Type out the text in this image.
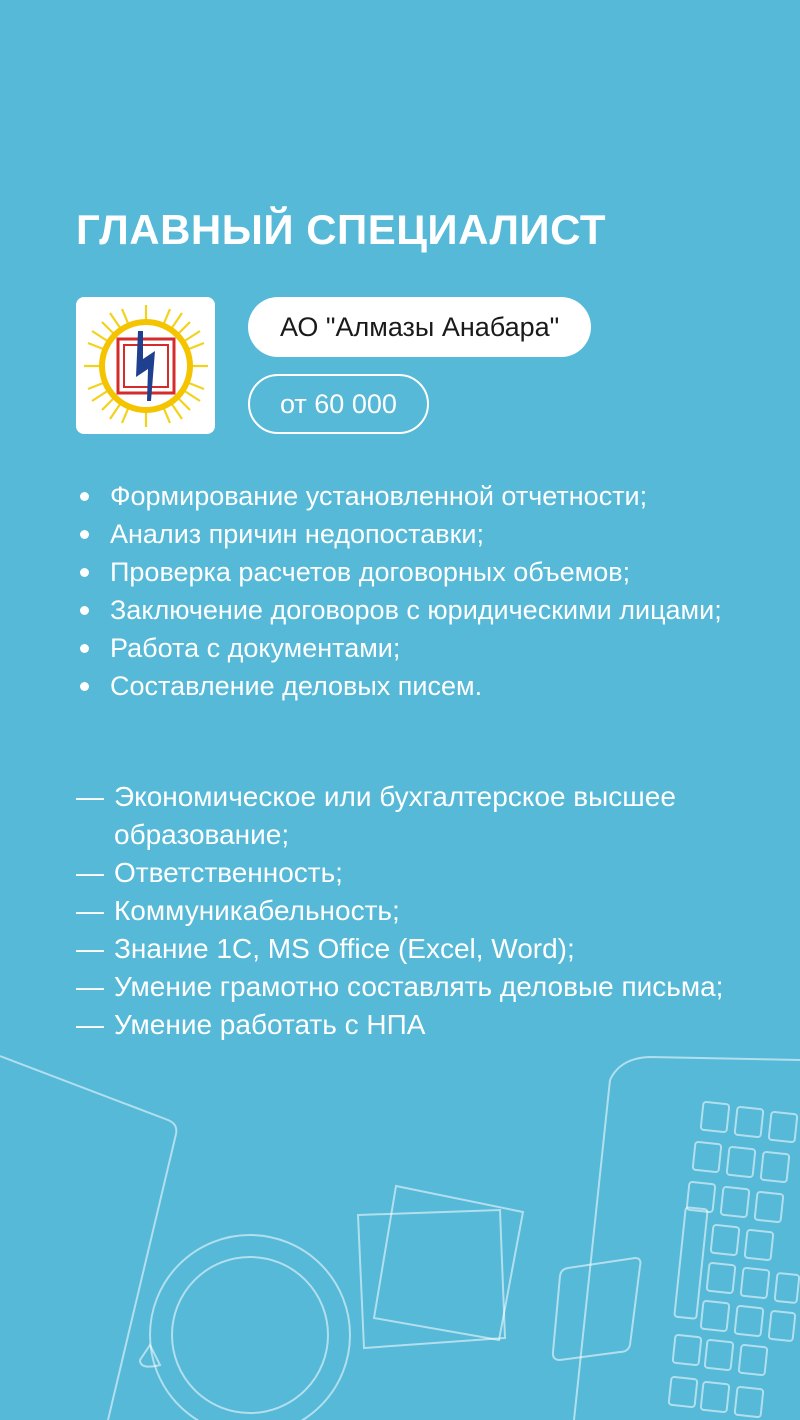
ГЛАВНЫЙ СПЕЦИАЛИСТ
АО "Алмазы Анабара"
от 60 000
Формирование установленной отчетности;
Анализ причин недопоставки;
Проверка расчетов договорных объемов;
Заключение договоров с юридическими лицами;
Работа с документами;
Составление деловых писем.
— Экономическое или бухгалтерское высшее образование;
— Ответственность;
— Коммуникабельность;
— Знание 1С, MS Office (Excel, Word);
— Умение грамотно составлять деловые письма;
— Умение работать с НПА
